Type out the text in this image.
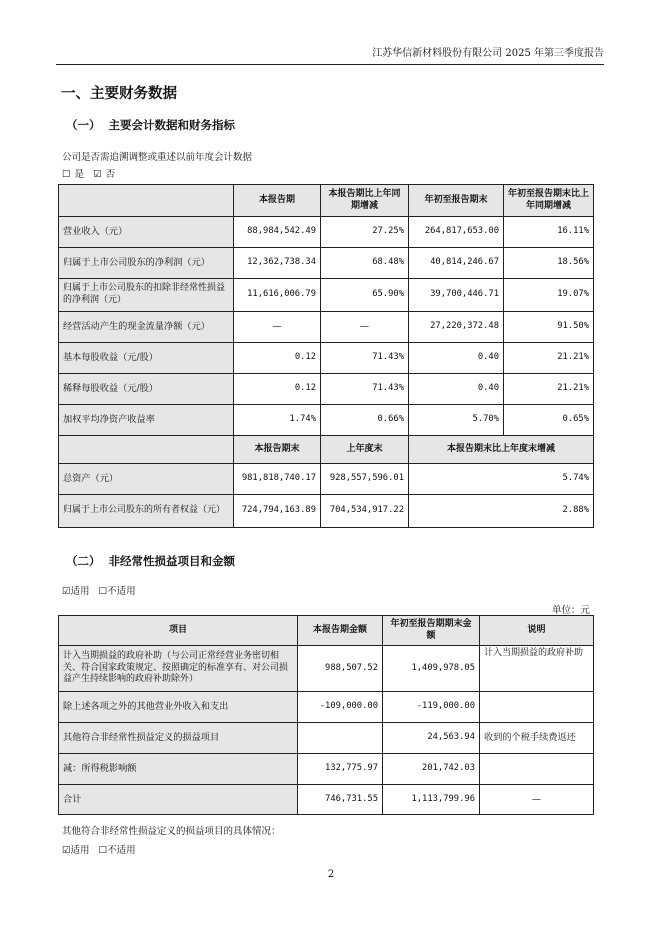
江苏华信新材料股份有限公司 2025 年第三季度报告
一、主要财务数据
（一）  主要会计数据和财务指标
公司是否需追溯调整或重述以前年度会计数据
☐ 是 ☑ 否
	本报告期	本报告期比上年同期增减	年初至报告期末	年初至报告期末比上年同期增减
营业收入（元）	88,984,542.49	27.25%	264,817,653.00	16.11%
归属于上市公司股东的净利润（元）	12,362,738.34	68.48%	40,814,246.67	18.56%
归属于上市公司股东的扣除非经常性损益的净利润（元）	11,616,006.79	65.90%	39,700,446.71	19.07%
经营活动产生的现金流量净额（元）	—	—	27,220,372.48	91.50%
基本每股收益（元/股）	0.12	71.43%	0.40	21.21%
稀释每股收益（元/股）	0.12	71.43%	0.40	21.21%
加权平均净资产收益率	1.74%	0.66%	5.70%	0.65%
	本报告期末	上年度末	本报告期末比上年度末增减	
总资产（元）	981,818,740.17	928,557,596.01	5.74%	
归属于上市公司股东的所有者权益（元）	724,794,163.89	704,534,917.22	2.88%	
（二）  非经常性损益项目和金额
☑适用 ☐不适用
单位：元
项目	本报告期金额	年初至报告期期末金额	说明
计入当期损益的政府补助（与公司正常经营业务密切相关、符合国家政策规定、按照确定的标准享有、对公司损益产生持续影响的政府补助除外）	988,507.52	1,409,978.05	计入当期损益的政府补助
除上述各项之外的其他营业外收入和支出	-109,000.00	-119,000.00	
其他符合非经常性损益定义的损益项目		24,563.94	收到的个税手续费返还
减：所得税影响额	132,775.97	201,742.03	
合计	746,731.55	1,113,799.96	—
其他符合非经常性损益定义的损益项目的具体情况：
☑适用 ☐不适用
2
